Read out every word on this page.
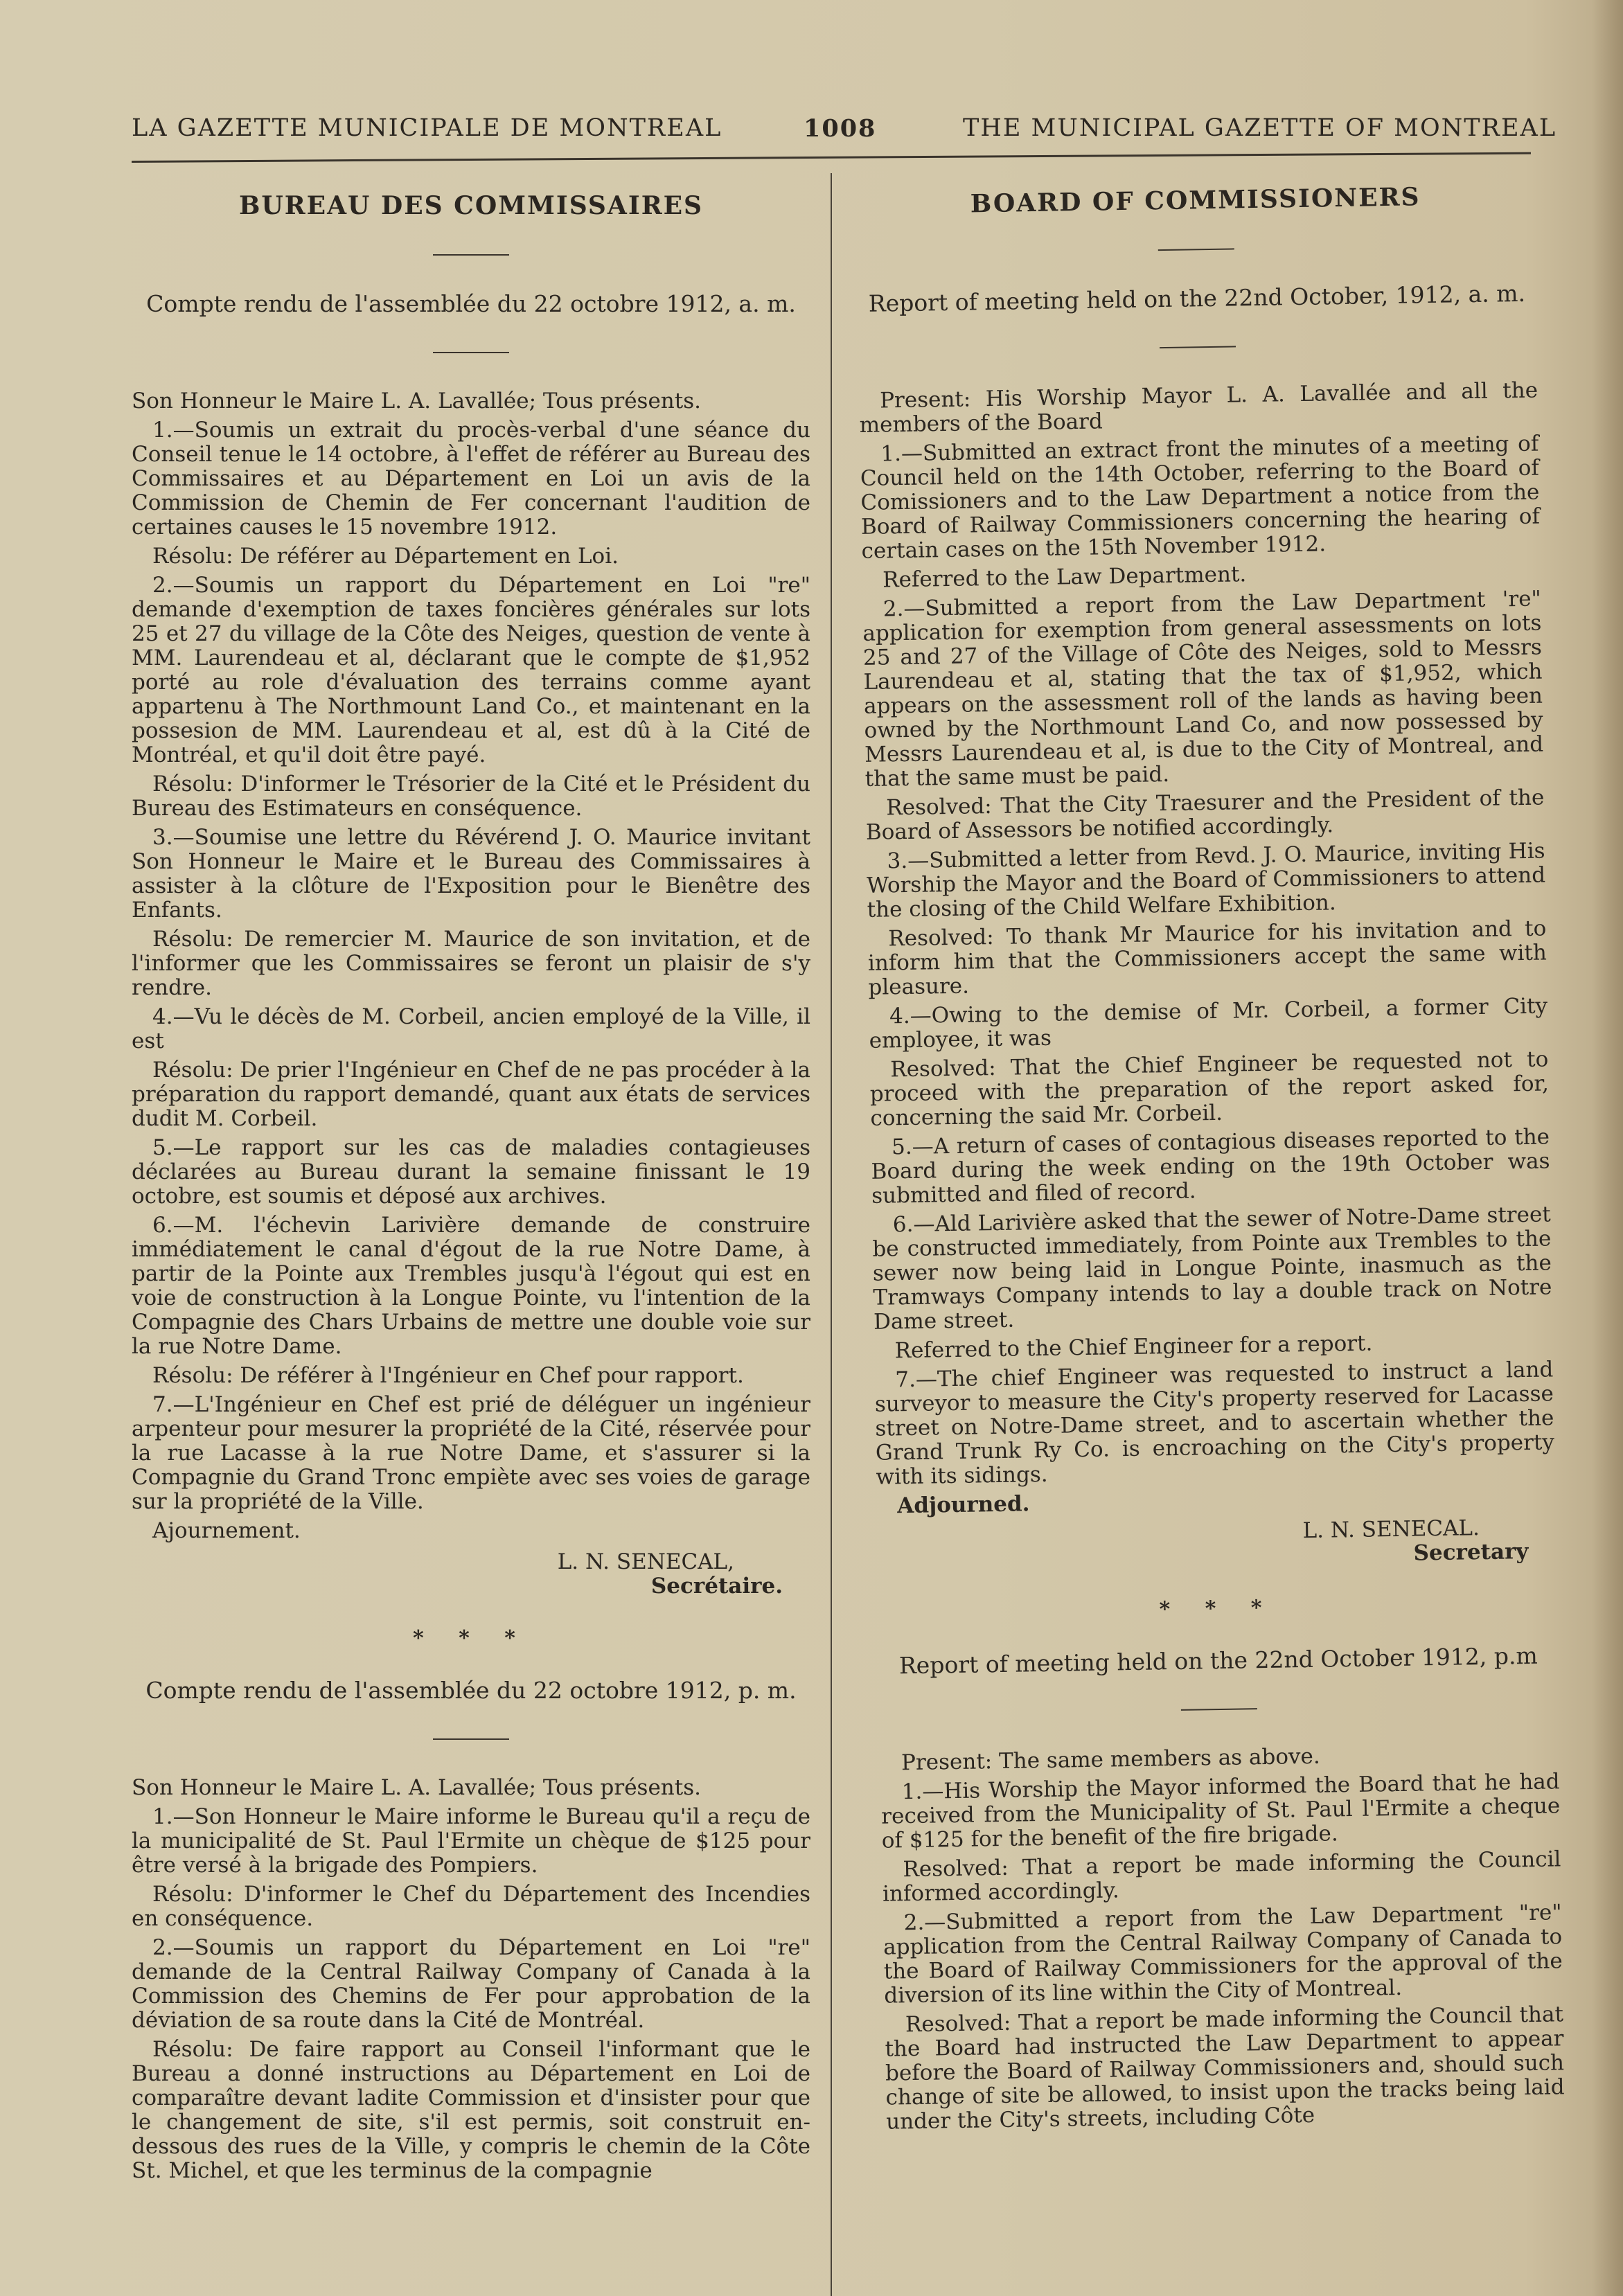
LA GAZETTE MUNICIPALE DE MONTREAL	1008	THE MUNICIPAL GAZETTE OF MONTREAL
BUREAU DES COMMISSAIRES
Compte rendu de l'assemblée du 22 octobre 1912, a. m.

Son Honneur le Maire L. A. Lavallée; Tous présents.

1.—Soumis un extrait du procès-verbal d'une séance du Conseil tenue le 14 octobre, à l'effet de référer au Bureau des Commissaires et au Département en Loi un avis de la Commission de Chemin de Fer concernant l'audition de certaines causes le 15 novembre 1912.

Résolu: De référer au Département en Loi.

2.—Soumis un rapport du Département en Loi "re" demande d'exemption de taxes foncières générales sur lots 25 et 27 du village de la Côte des Neiges, question de vente à MM. Laurendeau et al, déclarant que le compte de $1,952 porté au role d'évaluation des terrains comme ayant appartenu à The Northmount Land Co., et maintenant en la possesion de MM. Laurendeau et al, est dû à la Cité de Montréal, et qu'il doit être payé.

Résolu: D'informer le Trésorier de la Cité et le Président du Bureau des Estimateurs en conséquence.

3.—Soumise une lettre du Révérend J. O. Maurice invitant Son Honneur le Maire et le Bureau des Commissaires à assister à la clôture de l'Exposition pour le Bienêtre des Enfants.

Résolu: De remercier M. Maurice de son invitation, et de l'informer que les Commissaires se feront un plaisir de s'y rendre.

4.—Vu le décès de M. Corbeil, ancien employé de la Ville, il est

Résolu: De prier l'Ingénieur en Chef de ne pas procéder à la préparation du rapport demandé, quant aux états de services dudit M. Corbeil.

5.—Le rapport sur les cas de maladies contagieuses déclarées au Bureau durant la semaine finissant le 19 octobre, est soumis et déposé aux archives.

6.—M. l'échevin Larivière demande de construire immédiatement le canal d'égout de la rue Notre Dame, à partir de la Pointe aux Trembles jusqu'à l'égout qui est en voie de construction à la Longue Pointe, vu l'intention de la Compagnie des Chars Urbains de mettre une double voie sur la rue Notre Dame.

Résolu: De référer à l'Ingénieur en Chef pour rapport.

7.—L'Ingénieur en Chef est prié de déléguer un ingénieur arpenteur pour mesurer la propriété de la Cité, réservée pour la rue Lacasse à la rue Notre Dame, et s'assurer si la Compagnie du Grand Tronc empiète avec ses voies de garage sur la propriété de la Ville.

Ajournement.

L. N. SENECAL,
Secrétaire.
* * *
Compte rendu de l'assemblée du 22 octobre 1912, p. m.

Son Honneur le Maire L. A. Lavallée; Tous présents.

1.—Son Honneur le Maire informe le Bureau qu'il a reçu de la municipalité de St. Paul l'Ermite un chèque de $125 pour être versé à la brigade des Pompiers.

Résolu: D'informer le Chef du Département des Incendies en conséquence.

2.—Soumis un rapport du Département en Loi "re" demande de la Central Railway Company of Canada à la Commission des Chemins de Fer pour approbation de la déviation de sa route dans la Cité de Montréal.

Résolu: De faire rapport au Conseil l'informant que le Bureau a donné instructions au Département en Loi de comparaître devant ladite Commission et d'insister pour que le changement de site, s'il est permis, soit construit en-dessous des rues de la Ville, y compris le chemin de la Côte St. Michel, et que les terminus de la compagnie

BOARD OF COMMISSIONERS
Report of meeting held on the 22nd October, 1912, a. m.

Present: His Worship Mayor L. A. Lavallée and all the members of the Board

1.—Submitted an extract front the minutes of a meeting of Council held on the 14th October, referring to the Board of Comissioners and to the Law Department a notice from the Board of Railway Commissioners concerning the hearing of certain cases on the 15th November 1912.

Referred to the Law Department.

2.—Submitted a report from the Law Department 're" application for exemption from general assessments on lots 25 and 27 of the Village of Côte des Neiges, sold to Messrs Laurendeau et al, stating that the tax of $1,952, which appears on the assessment roll of the lands as having been owned by the Northmount Land Co, and now possessed by Messrs Laurendeau et al, is due to the City of Montreal, and that the same must be paid.

Resolved: That the City Traesurer and the President of the Board of Assessors be notified accordingly.

3.—Submitted a letter from Revd. J. O. Maurice, inviting His Worship the Mayor and the Board of Commissioners to attend the closing of the Child Welfare Exhibition.

Resolved: To thank Mr Maurice for his invitation and to inform him that the Commissioners accept the same with pleasure.

4.—Owing to the demise of Mr. Corbeil, a former City employee, it was

Resolved: That the Chief Engineer be requested not to proceed with the preparation of the report asked for, concerning the said Mr. Corbeil.

5.—A return of cases of contagious diseases reported to the Board during the week ending on the 19th October was submitted and filed of record.

6.—Ald Larivière asked that the sewer of Notre-Dame street be constructed immediately, from Pointe aux Trembles to the sewer now being laid in Longue Pointe, inasmuch as the Tramways Company intends to lay a double track on Notre Dame street.

Referred to the Chief Engineer for a report.

7.—The chief Engineer was requested to instruct a land surveyor to measure the City's property reserved for Lacasse street on Notre-Dame street, and to ascertain whether the Grand Trunk Ry Co. is encroaching on the City's property with its sidings.

Adjourned.

L. N. SENECAL.
Secretary
* * *
Report of meeting held on the 22nd October 1912, p.m

Present: The same members as above.

1.—His Worship the Mayor informed the Board that he had received from the Municipality of St. Paul l'Ermite a cheque of $125 for the benefit of the fire brigade.

Resolved: That a report be made informing the Council informed accordingly.

2.—Submitted a report from the Law Department "re" application from the Central Railway Company of Canada to the Board of Railway Commissioners for the approval of the diversion of its line within the City of Montreal.

Resolved: That a report be made informing the Council that the Board had instructed the Law Department to appear before the Board of Railway Commissioners and, should such change of site be allowed, to insist upon the tracks being laid under the City's streets, including Côte
